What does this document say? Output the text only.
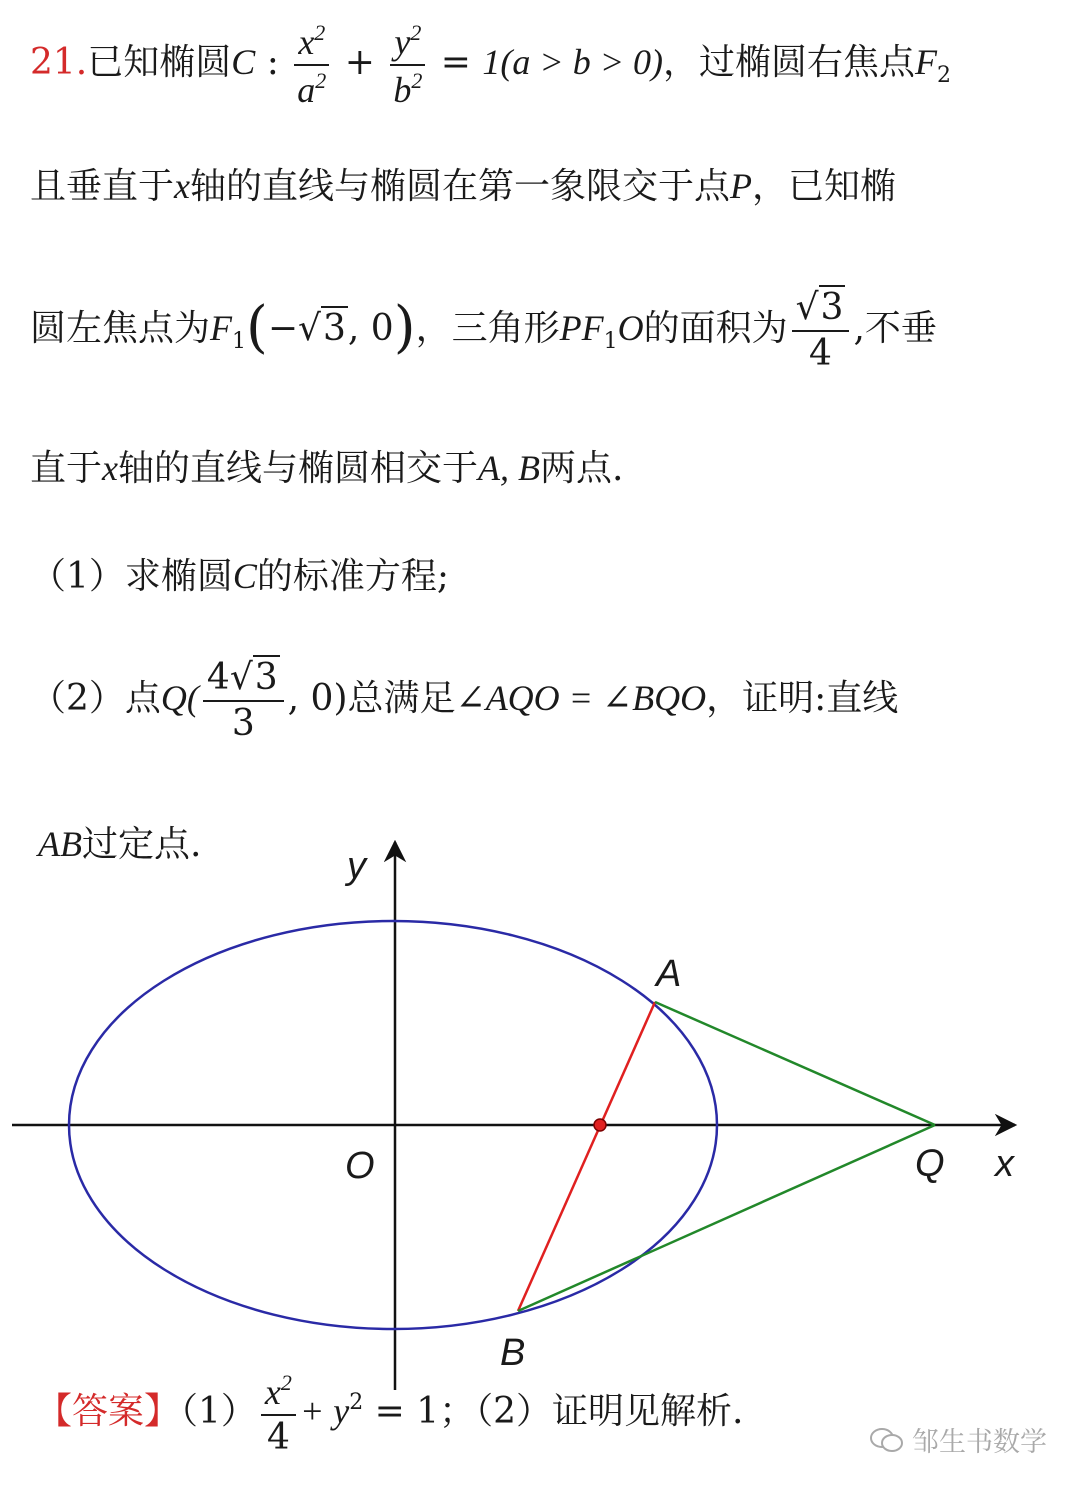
21.已知椭圆C : $\frac{x^2}{a^2} + \frac{y^2}{b^2} = 1(a > b > 0)$，过椭圆右焦点$F_2$
且垂直于x轴的直线与椭圆在第一象限交于点P，已知椭
圆左焦点为$F_1(-√3$, 0)，三角形$PF_1O$的面积为 $\frac{√3}{4}$ ,不垂
直于x轴的直线与椭圆相交于A, B两点.
（1）求椭圆C的标准方程;
（2）点$Q( \frac{4√3}{3}$ , 0)总满足∠AQO = ∠BQO，证明:直线
AB过定点.
y
x
O
A
B
Q
【答案】$(1) \frac{x^2}{4} + y^2 = 1$；（2）证明见解析.
邹生书数学
